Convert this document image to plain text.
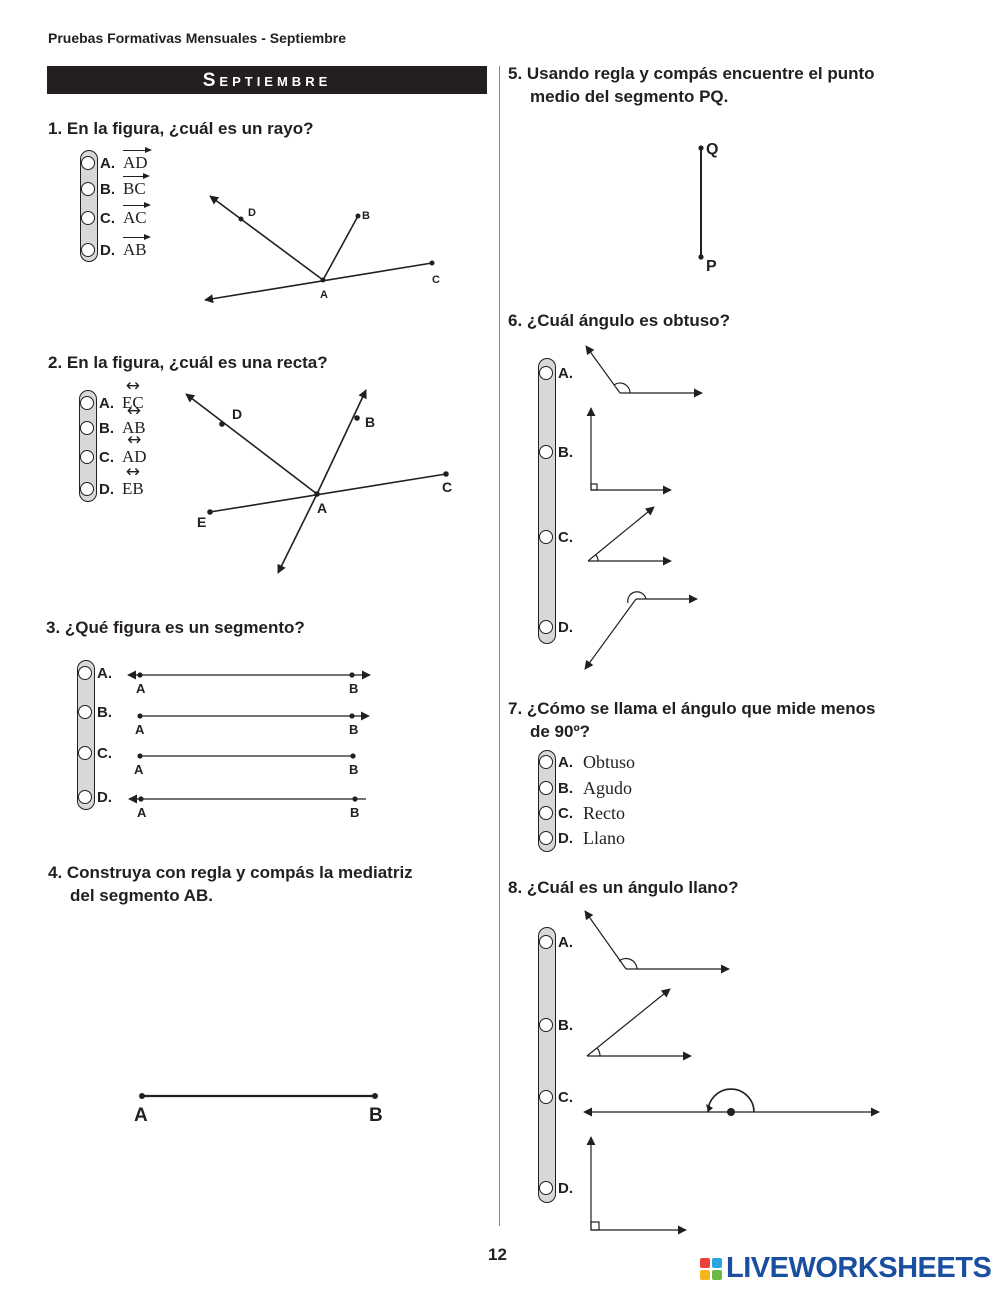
Pruebas Formativas Mensuales - Septiembre
Septiembre
1. En la figura, ¿cuál es un rayo?
A. AD
B. BC
C. AC
D. AB
D	B
A
C
2. En la figura, ¿cuál es una recta?
A. ↔ EC
B. ↔ AB
C. ↔ AD
D. ↔ EB
D	B
C
A
E
3. ¿Qué figura es un segmento?
A.
B.
C.
D.
A	B
A	B
A	B
A	B
4. Construya con regla y compás la mediatriz
del segmento AB.
A	B
5. Usando regla y compás encuentre el punto
medio del segmento PQ.
Q
P
6. ¿Cuál ángulo es obtuso?
A.
B.
C.
D.
7. ¿Cómo se llama el ángulo que mide menos
de 90º?
A. Obtuso
B. Agudo
C. Recto
D. Llano
8. ¿Cuál es un ángulo llano?
A.
B.
C.
D.
12	LIVEWORKSHEETS
